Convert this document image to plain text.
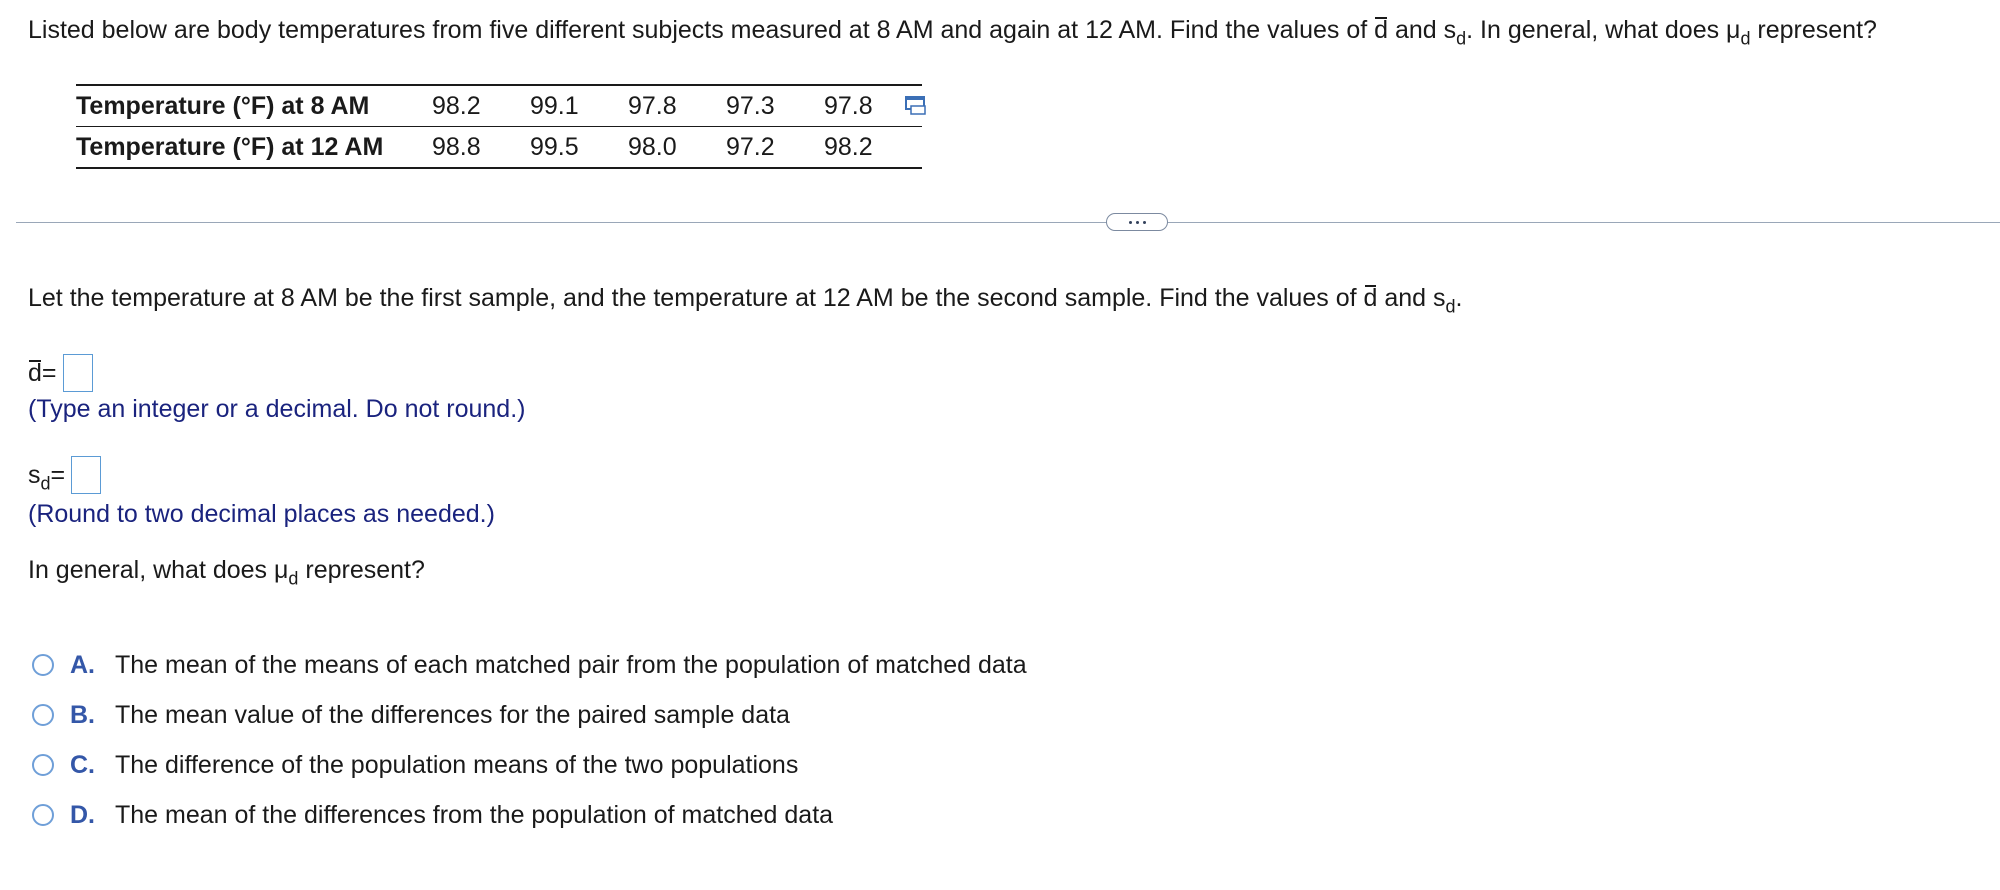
Listed below are body temperatures from five different subjects measured at 8 AM and again at 12 AM. Find the values of d and $s_d$. In general, what does $\mu_d$ represent?
Temperature (°F) at 8 AM	98.2	99.1	97.8	97.3	97.8
Temperature (°F) at 12 AM	98.8	99.5	98.0	97.2	98.2
Let the temperature at 8 AM be the first sample, and the temperature at 12 AM be the second sample. Find the values of d and $s_d$.
d =
(Type an integer or a decimal. Do not round.)
$s_d$ =
(Round to two decimal places as needed.)
In general, what does $\mu_d$ represent?
A. The mean of the means of each matched pair from the population of matched data
B. The mean value of the differences for the paired sample data
C. The difference of the population means of the two populations
D. The mean of the differences from the population of matched data
